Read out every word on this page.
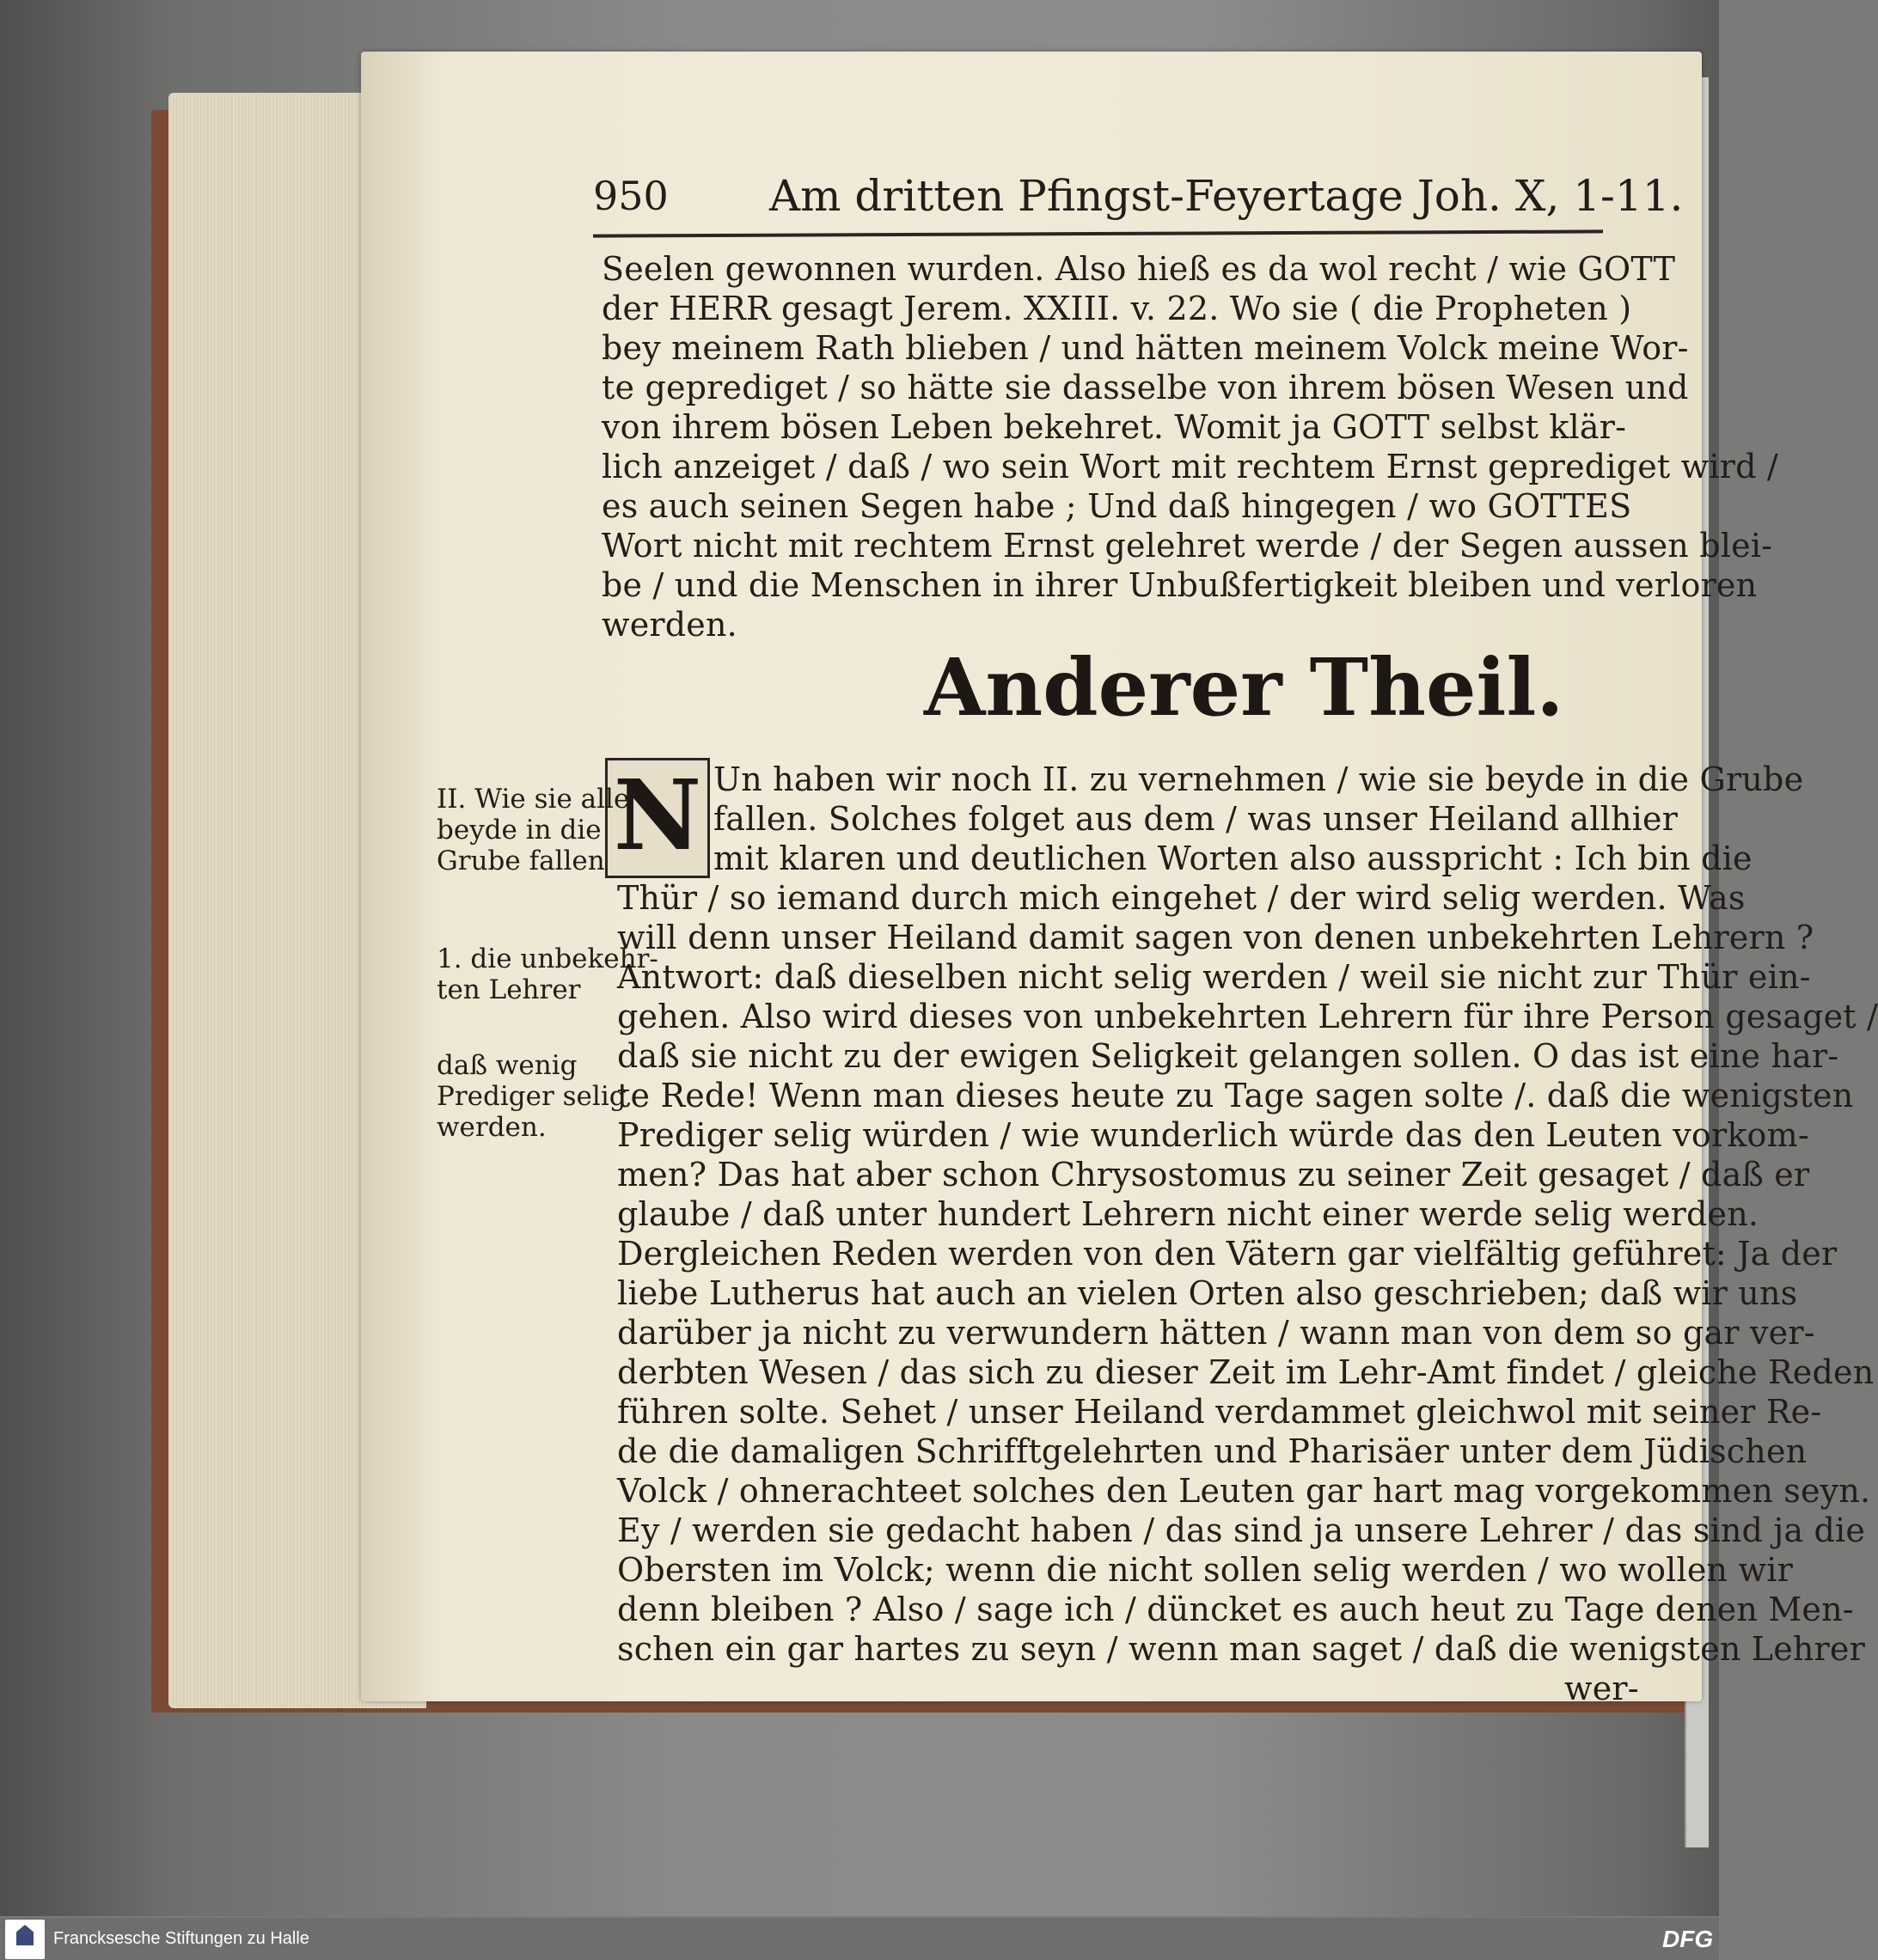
950 Am dritten Pfingst-Feyertage Joh. X, 1-11.
Seelen gewonnen wurden. Also hieß es da wol recht / wie GOTT
der HERR gesagt Jerem. XXIII. v. 22. Wo sie ( die Propheten )
bey meinem Rath blieben / und hätten meinem Volck meine Wor-
te geprediget / so hätte sie dasselbe von ihrem bösen Wesen und
von ihrem bösen Leben bekehret. Womit ja GOTT selbst klär-
lich anzeiget / daß / wo sein Wort mit rechtem Ernst geprediget wird /
es auch seinen Segen habe ; Und daß hingegen / wo GOTTES
Wort nicht mit rechtem Ernst gelehret werde / der Segen aussen blei-
be / und die Menschen in ihrer Unbußfertigkeit bleiben und verloren
werden.
Anderer Theil.
N Un haben wir noch II. zu vernehmen / wie sie beyde in die Grube
fallen. Solches folget aus dem / was unser Heiland allhier
mit klaren und deutlichen Worten also ausspricht : Ich bin die
Thür / so iemand durch mich eingehet / der wird selig werden. Was
will denn unser Heiland damit sagen von denen unbekehrten Lehrern ?
Antwort: daß dieselben nicht selig werden / weil sie nicht zur Thür ein-
gehen. Also wird dieses von unbekehrten Lehrern für ihre Person gesaget /
daß sie nicht zu der ewigen Seligkeit gelangen sollen. O das ist eine har-
te Rede! Wenn man dieses heute zu Tage sagen solte /. daß die wenigsten
Prediger selig würden / wie wunderlich würde das den Leuten vorkom-
men? Das hat aber schon Chrysostomus zu seiner Zeit gesaget / daß er
glaube / daß unter hundert Lehrern nicht einer werde selig werden.
Dergleichen Reden werden von den Vätern gar vielfältig geführet: Ja der
liebe Lutherus hat auch an vielen Orten also geschrieben; daß wir uns
darüber ja nicht zu verwundern hätten / wann man von dem so gar ver-
derbten Wesen / das sich zu dieser Zeit im Lehr-Amt findet / gleiche Reden
führen solte. Sehet / unser Heiland verdammet gleichwol mit seiner Re-
de die damaligen Schrifftgelehrten und Pharisäer unter dem Jüdischen
Volck / ohnerachteet solches den Leuten gar hart mag vorgekommen seyn.
Ey / werden sie gedacht haben / das sind ja unsere Lehrer / das sind ja die
Obersten im Volck; wenn die nicht sollen selig werden / wo wollen wir
denn bleiben ? Also / sage ich / düncket es auch heut zu Tage denen Men-
schen ein gar hartes zu seyn / wenn man saget / daß die wenigsten Lehrer
wer-
II. Wie sie alle
beyde in die
Grube fallen
1. die unbekehr-
ten Lehrer
daß wenig
Prediger selig
werden.
Francksesche Stiftungen zu Halle	DFG
